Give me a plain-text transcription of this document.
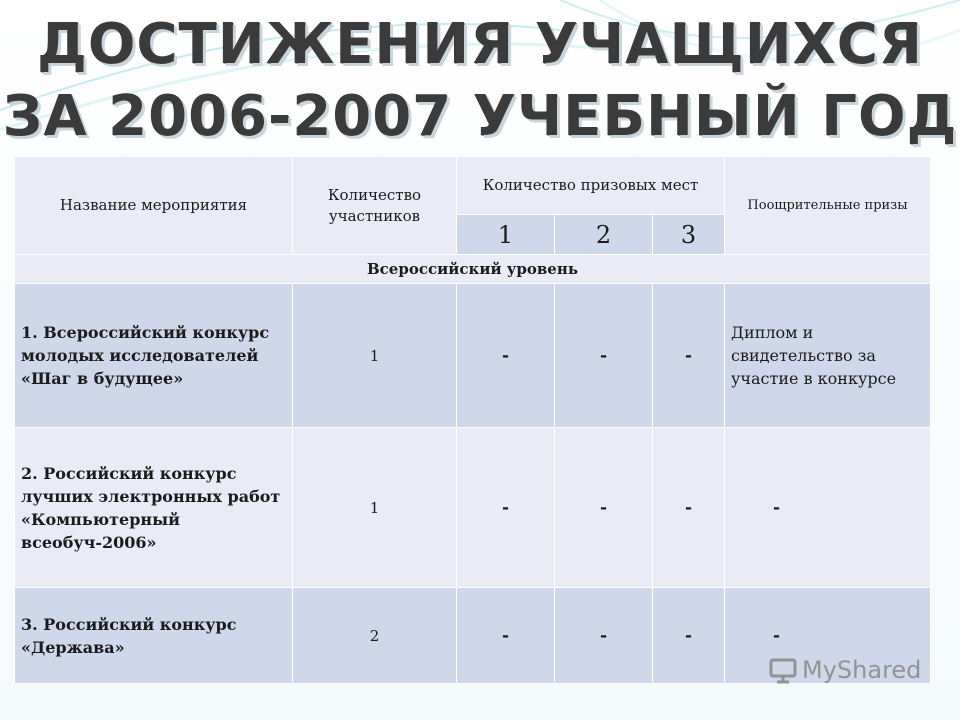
ДОСТИЖЕНИЯ УЧАЩИХСЯ
ЗА 2006-2007 УЧЕБНЫЙ ГОД
Название мероприятия	Количество участников	Количество призовых мест			Поощрительные призы
		1	2	3	
Всероссийский уровень					
1. Всероссийский конкурс молодых исследователей «Шаг в будущее»	1	-	-	-	Диплом и свидетельство за участие в конкурсе
2. Российский конкурс лучших электронных работ «Компьютерный всеобуч-2006»	1	-	-	-	-
3. Российский конкурс «Держава»	2	-	-	-	-
MyShared
